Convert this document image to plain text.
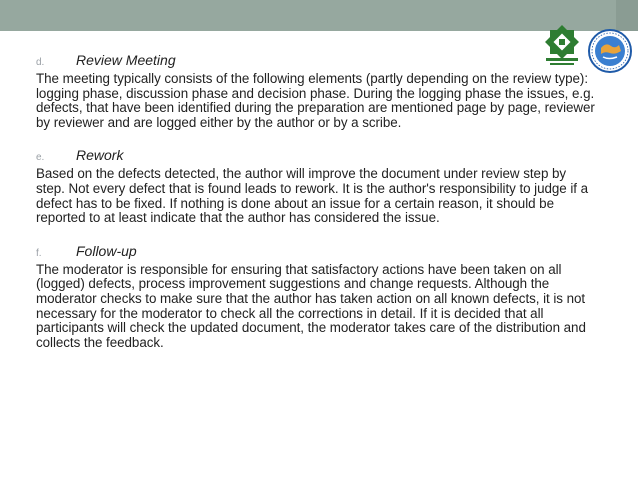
d.	Review Meeting

The meeting typically consists of the following elements (partly depending on the review type): logging phase, discussion phase and decision phase. During the logging phase the issues, e.g. defects, that have been identified during the preparation are mentioned page by page, reviewer by reviewer and are logged either by the author or by a scribe.

e.	Rework

Based on the defects detected, the author will improve the document under review step by step. Not every defect that is found leads to rework. It is the author's responsibility to judge if a defect has to be fixed. If nothing is done about an issue for a certain reason, it should be reported to at least indicate that the author has considered the issue.

f.	Follow-up

The moderator is responsible for ensuring that satisfactory actions have been taken on all (logged) defects, process improvement suggestions and change requests. Although the moderator checks to make sure that the author has taken action on all known defects, it is not necessary for the moderator to check all the corrections in detail. If it is decided that all participants will check the updated document, the moderator takes care of the distribution and collects the feedback.
